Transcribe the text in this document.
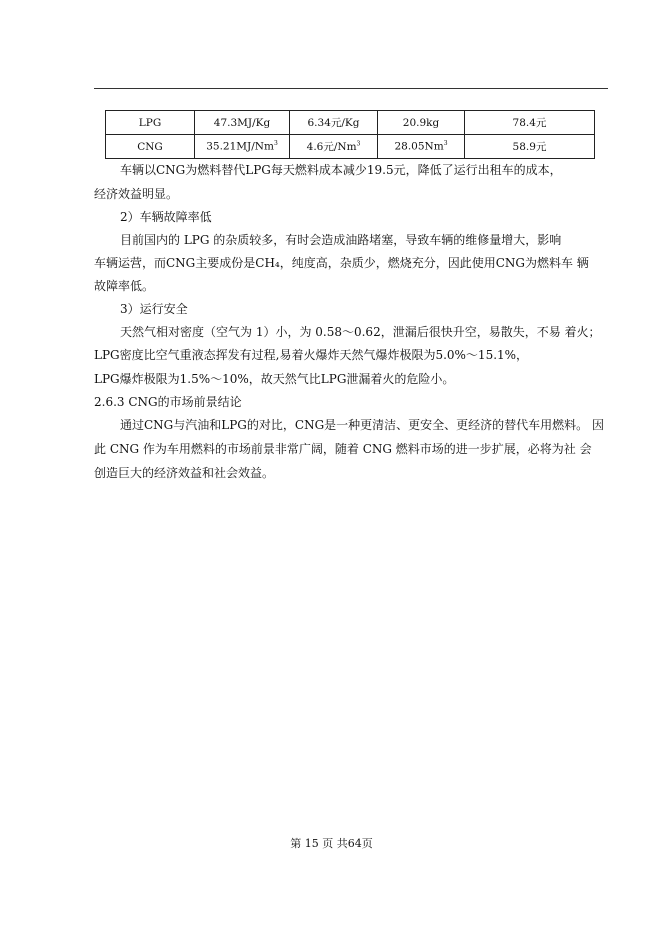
LPG	47.3MJ/Kg	6.34元/Kg	20.9kg	78.4元
CNG	35.21MJ/Nm$^3$	4.6元/Nm$^3$	28.05Nm$^3$	58.9元
车辆以CNG为燃料替代LPG每天燃料成本减少19.5元，降低了运行出租车的成本，
经济效益明显。
2）车辆故障率低
目前国内的 LPG 的杂质较多，有时会造成油路堵塞，导致车辆的维修量增大，影响
车辆运营，而CNG主要成份是CH₄，纯度高，杂质少，燃烧充分，因此使用CNG为燃料车 辆
故障率低。
3）运行安全
天然气相对密度（空气为 1）小，为 0.58～0.62，泄漏后很快升空，易散失，不易 着火；
LPG密度比空气重液态挥发有过程,易着火爆炸天然气爆炸极限为5.0%～15.1%，
LPG爆炸极限为1.5%～10%，故天然气比LPG泄漏着火的危险小。
2.6.3 CNG的市场前景结论
通过CNG与汽油和LPG的对比，CNG是一种更清洁、更安全、更经济的替代车用燃料。 因
此 CNG 作为车用燃料的市场前景非常广阔，随着 CNG 燃料市场的进一步扩展，必将为社 会
创造巨大的经济效益和社会效益。
第 15 页 共64页
